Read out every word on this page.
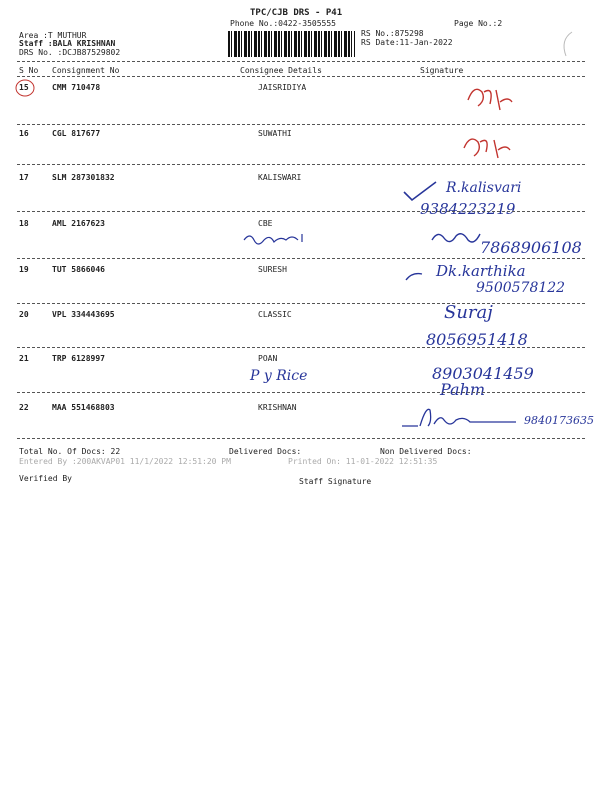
TPC/CJB DRS - P41
Phone No.:0422-3505555
Area :T MUTHUR
Staff :BALA KRISHNAN
DRS No. :DCJB87529802
RS No.:875298
RS Date:11-Jan-2022
Page No.:2
S No Consignment No	Consignee Details	Signature
15	CMM 710478	JAISRIDIYA
16	CGL 817677	SUWATHI
17	SLM 287301832	KALISWARI
R.kalisvari
9384223219
18	AML 2167623	CBE
7868906108
19	TUT 5866046	SURESH	Dk.karthika
9500578122
20	VPL 334443695	CLASSIC	Suraj
8056951418
21	TRP 6128997	POAN
P y Rice	8903041459
Pahm
22	MAA 551468803	KRISHNAN
9840173635
Total No. Of Docs: 22	Delivered Docs:	Non Delivered Docs:
Entered By :200AKVAP01 11/1/2022 12:51:20 PM	Printed On: 11-01-2022 12:51:35
Verified By	Staff Signature
